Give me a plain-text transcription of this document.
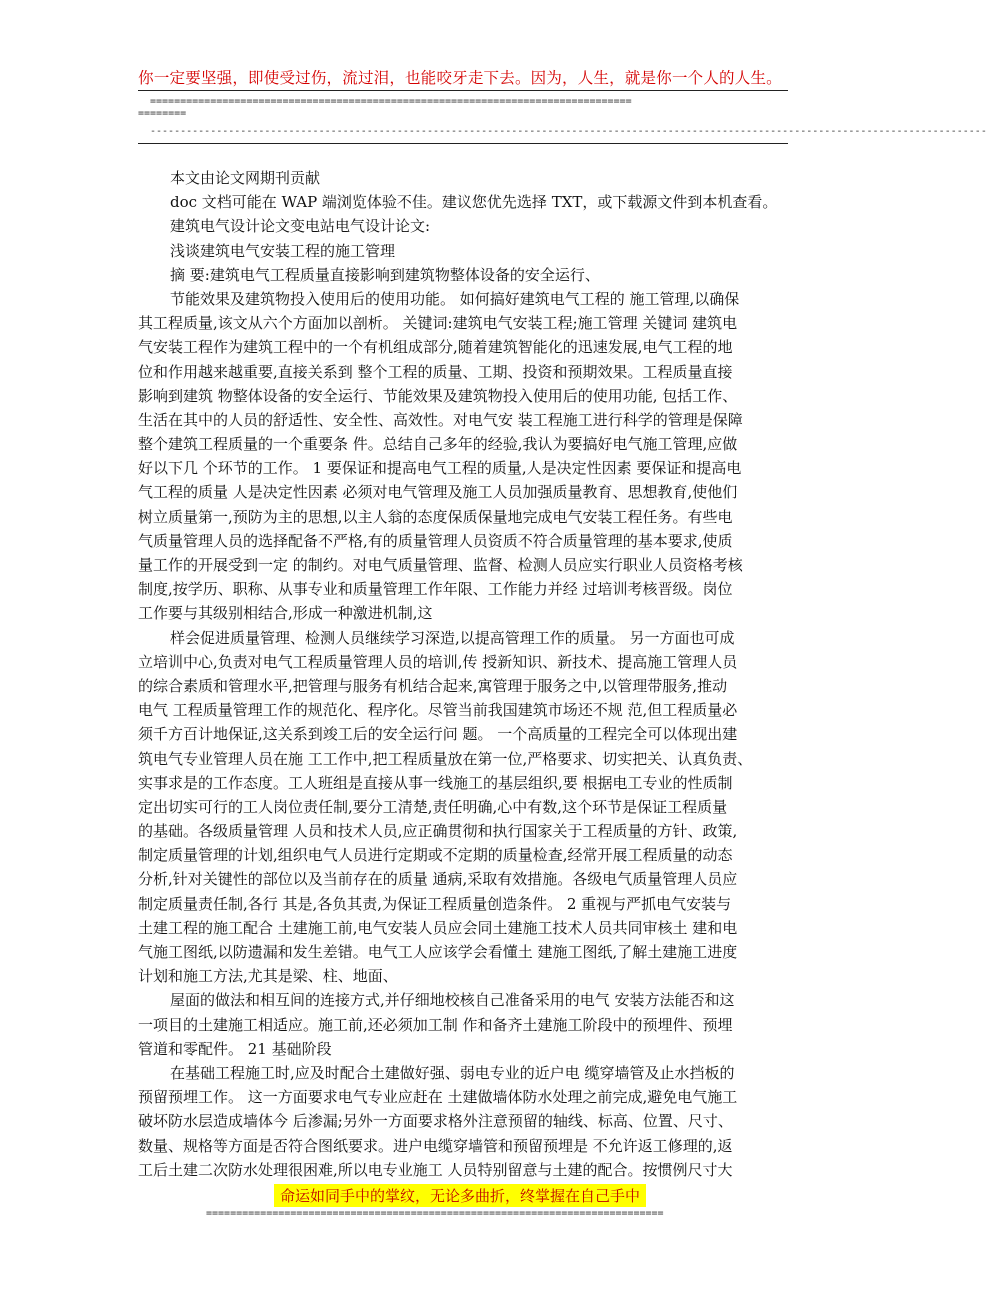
你一定要坚强，即使受过伤，流过泪，也能咬牙走下去。因为，人生，就是你一个人的人生。
================================================================================
========
-------------------------------------------------------------------------------------------------------------------------------------------
本文由论文网期刊贡献
doc 文档可能在 WAP 端浏览体验不佳。建议您优先选择 TXT，或下载源文件到本机查看。
建筑电气设计论文变电站电气设计论文:
浅谈建筑电气安装工程的施工管理
摘 要:建筑电气工程质量直接影响到建筑物整体设备的安全运行、
节能效果及建筑物投入使用后的使用功能。 如何搞好建筑电气工程的 施工管理,以确保
其工程质量,该文从六个方面加以剖析。 关键词:建筑电气安装工程;施工管理 关键词 建筑电
气安装工程作为建筑工程中的一个有机组成部分,随着建筑智能化的迅速发展,电气工程的地
位和作用越来越重要,直接关系到 整个工程的质量、工期、投资和预期效果。工程质量直接
影响到建筑 物整体设备的安全运行、节能效果及建筑物投入使用后的使用功能, 包括工作、
生活在其中的人员的舒适性、安全性、高效性。对电气安 装工程施工进行科学的管理是保障
整个建筑工程质量的一个重要条 件。总结自己多年的经验,我认为要搞好电气施工管理,应做
好以下几 个环节的工作。 1 要保证和提高电气工程的质量,人是决定性因素 要保证和提高电
气工程的质量 人是决定性因素 必须对电气管理及施工人员加强质量教育、思想教育,使他们
树立质量第一,预防为主的思想,以主人翁的态度保质保量地完成电气安装工程任务。有些电
气质量管理人员的选择配备不严格,有的质量管理人员资质不符合质量管理的基本要求,使质
量工作的开展受到一定 的制约。对电气质量管理、监督、检测人员应实行职业人员资格考核
制度,按学历、职称、从事专业和质量管理工作年限、工作能力并经 过培训考核晋级。岗位
工作要与其级别相结合,形成一种激进机制,这
样会促进质量管理、检测人员继续学习深造,以提高管理工作的质量。 另一方面也可成
立培训中心,负责对电气工程质量管理人员的培训,传 授新知识、新技术、提高施工管理人员
的综合素质和管理水平,把管理与服务有机结合起来,寓管理于服务之中,以管理带服务,推动
电气 工程质量管理工作的规范化、程序化。尽管当前我国建筑市场还不规 范,但工程质量必
须千方百计地保证,这关系到竣工后的安全运行问 题。 一个高质量的工程完全可以体现出建
筑电气专业管理人员在施 工工作中,把工程质量放在第一位,严格要求、切实把关、认真负责、
实事求是的工作态度。工人班组是直接从事一线施工的基层组织,要 根据电工专业的性质制
定出切实可行的工人岗位责任制,要分工清楚,责任明确,心中有数,这个环节是保证工程质量
的基础。各级质量管理 人员和技术人员,应正确贯彻和执行国家关于工程质量的方针、政策,
制定质量管理的计划,组织电气人员进行定期或不定期的质量检查,经常开展工程质量的动态
分析,针对关键性的部位以及当前存在的质量 通病,采取有效措施。各级电气质量管理人员应
制定质量责任制,各行 其是,各负其责,为保证工程质量创造条件。 2 重视与严抓电气安装与
土建工程的施工配合 土建施工前,电气安装人员应会同土建施工技术人员共同审核土 建和电
气施工图纸,以防遗漏和发生差错。电气工人应该学会看懂土 建施工图纸,了解土建施工进度
计划和施工方法,尤其是梁、柱、地面、
屋面的做法和相互间的连接方式,并仔细地校核自己准备采用的电气 安装方法能否和这
一项目的土建施工相适应。施工前,还必须加工制 作和备齐土建施工阶段中的预埋件、预埋
管道和零配件。 21 基础阶段
在基础工程施工时,应及时配合土建做好强、弱电专业的近户电 缆穿墙管及止水挡板的
预留预埋工作。 这一方面要求电气专业应赶在 土建做墙体防水处理之前完成,避免电气施工
破坏防水层造成墙体今 后渗漏;另外一方面要求格外注意预留的轴线、标高、位置、尺寸、
数量、规格等方面是否符合图纸要求。进户电缆穿墙管和预留预埋是 不允许返工修理的,返
工后土建二次防水处理很困难,所以电专业施工 人员特别留意与土建的配合。按惯例尺寸大
命运如同手中的掌纹，无论多曲折，终掌握在自己手中
============================================================================
